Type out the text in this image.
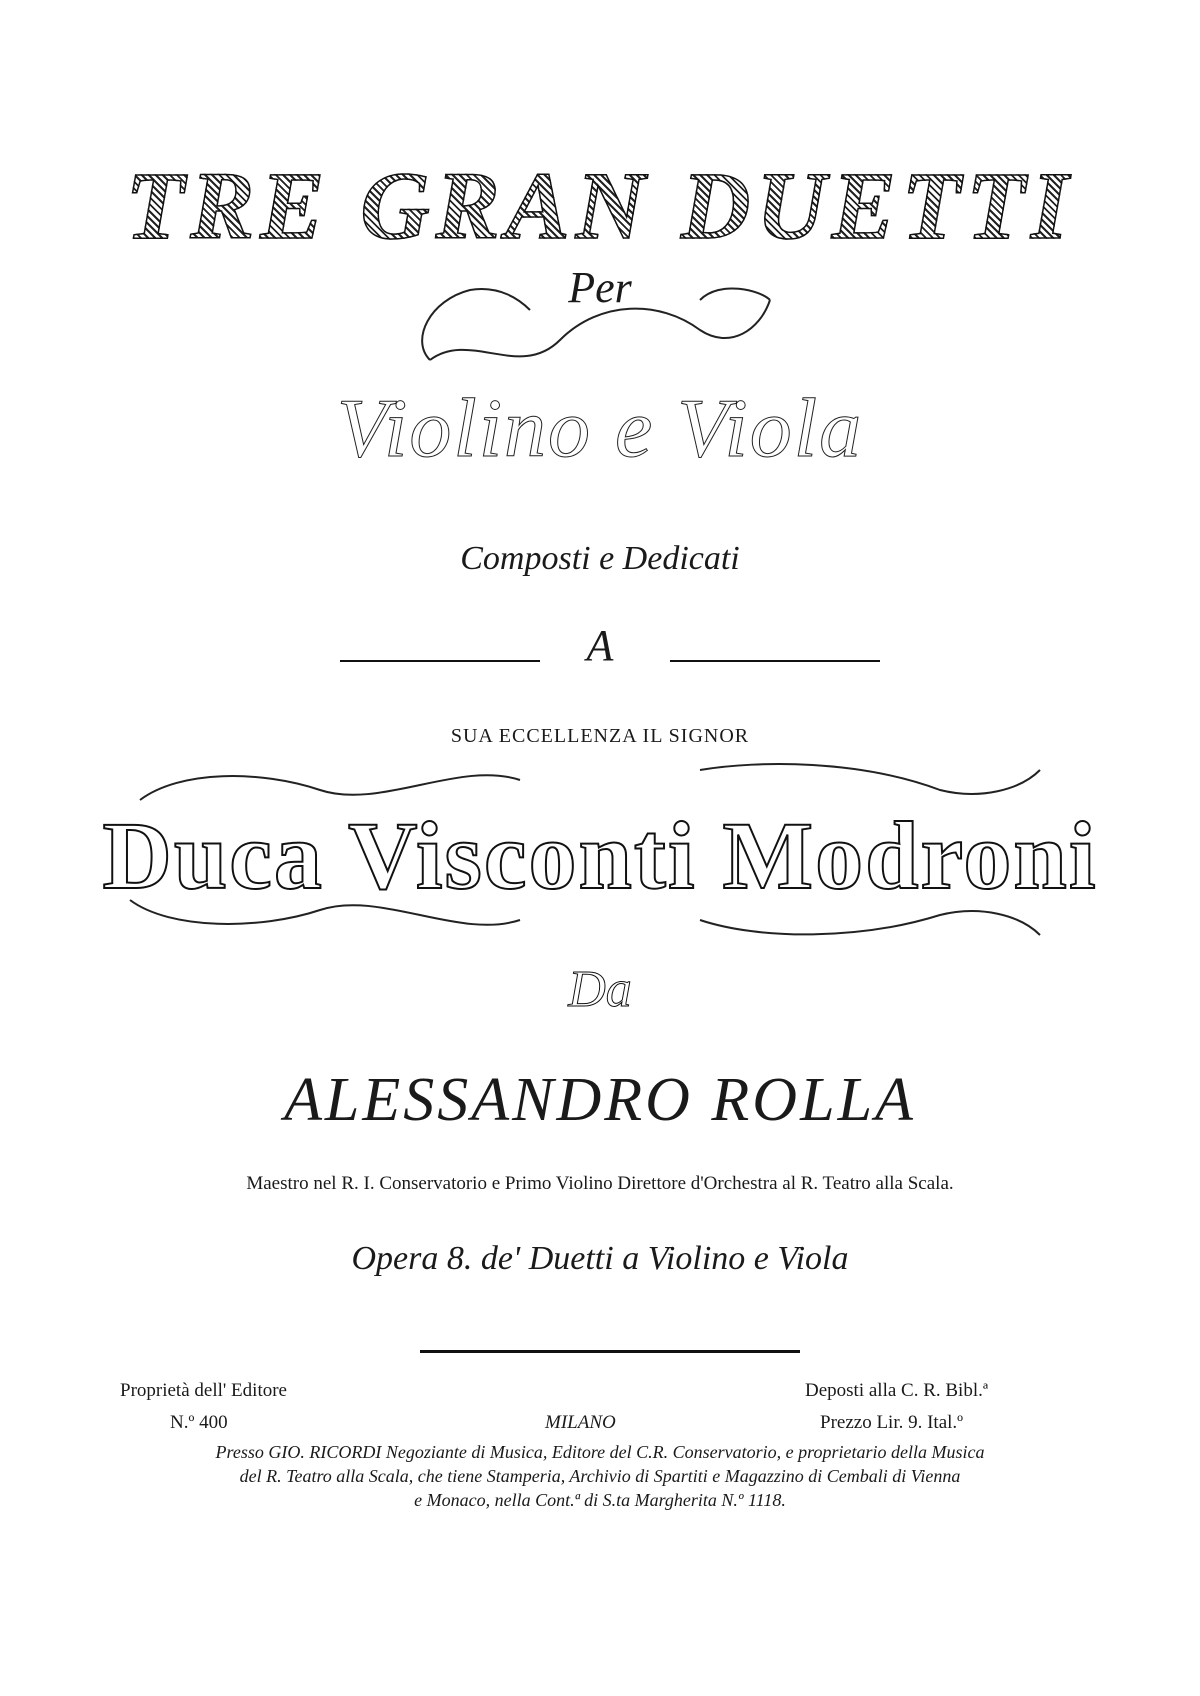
TRE GRAN DUETTI
Per
Violino e Viola
Composti e Dedicati
A
SUA ECCELLENZA IL SIGNOR
Duca Visconti Modroni
Da
ALESSANDRO ROLLA
Maestro nel R. I. Conservatorio e Primo Violino Direttore d'Orchestra al R. Teatro alla Scala.
Opera 8. de' Duetti a Violino e Viola
Proprietà dell' Editore
N.º 400	MILANO
Deposti alla C. R. Bibl.ª
Prezzo Lir. 9. Ital.º
Presso GIO. RICORDI Negoziante di Musica, Editore del C.R. Conservatorio, e proprietario della Musica
del R. Teatro alla Scala, che tiene Stamperia, Archivio di Spartiti e Magazzino di Cembali di Vienna
e Monaco, nella Cont.ª di S.ta Margherita N.º 1118.
